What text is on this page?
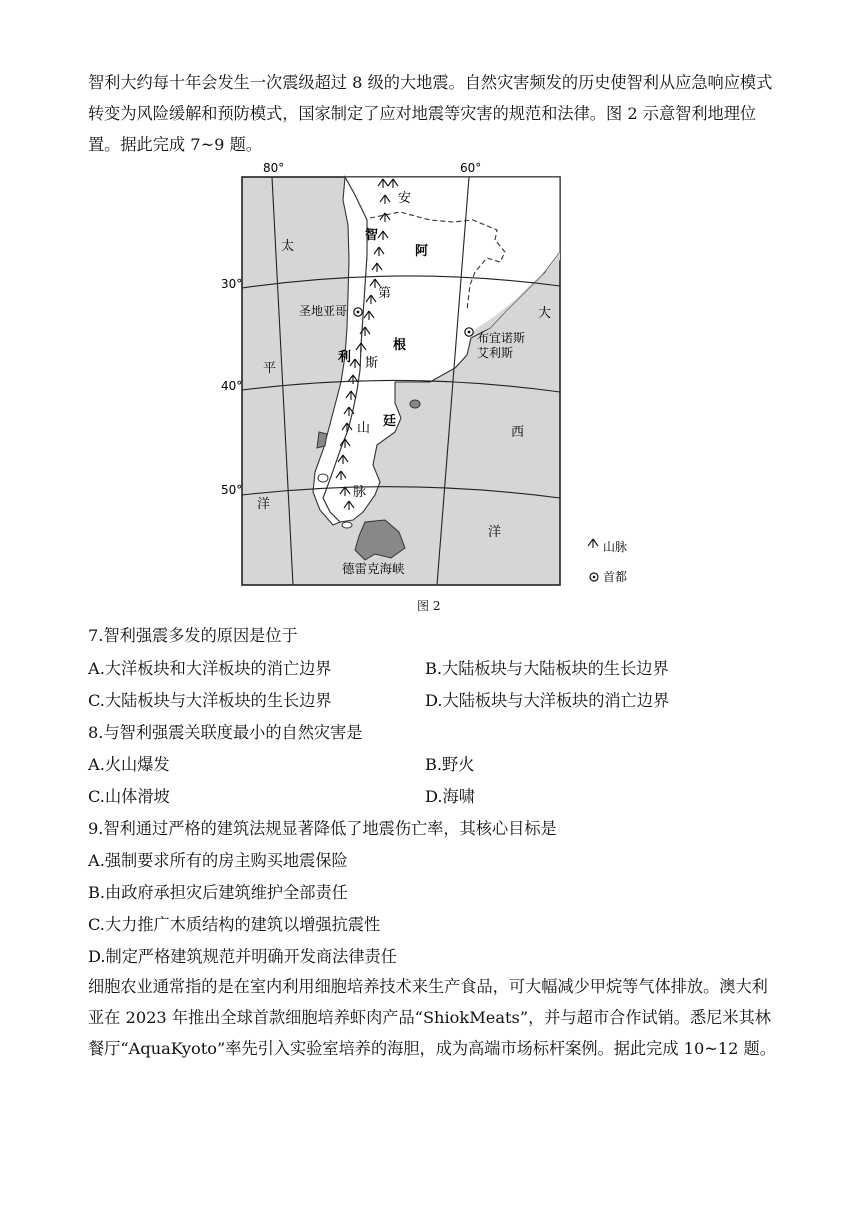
智利大约每十年会发生一次震级超过 8 级的大地震。自然灾害频发的历史使智利从应急响应模式转变为风险缓解和预防模式，国家制定了应对地震等灾害的规范和法律。图 2 示意智利地理位置。据此完成 7~9 题。

80°	60°
30°
40°
50°
太
平
洋
大
西
洋
智
利
阿
根
廷
安
第
斯
山
脉
圣地亚哥
布宜诺斯
艾利斯
德雷克海峡
山脉
首都
图 2
7.智利强震多发的原因是位于
A.大洋板块和大洋板块的消亡边界	B.大陆板块与大陆板块的生长边界
C.大陆板块与大洋板块的生长边界	D.大陆板块与大洋板块的消亡边界
8.与智利强震关联度最小的自然灾害是
A.火山爆发	B.野火
C.山体滑坡	D.海啸
9.智利通过严格的建筑法规显著降低了地震伤亡率，其核心目标是
A.强制要求所有的房主购买地震保险
B.由政府承担灾后建筑维护全部责任
C.大力推广木质结构的建筑以增强抗震性
D.制定严格建筑规范并明确开发商法律责任

细胞农业通常指的是在室内利用细胞培养技术来生产食品，可大幅减少甲烷等气体排放。澳大利亚在 2023 年推出全球首款细胞培养虾肉产品“ShiokMeats”，并与超市合作试销。悉尼米其林餐厅“AquaKyoto”率先引入实验室培养的海胆，成为高端市场标杆案例。据此完成 10~12 题。
